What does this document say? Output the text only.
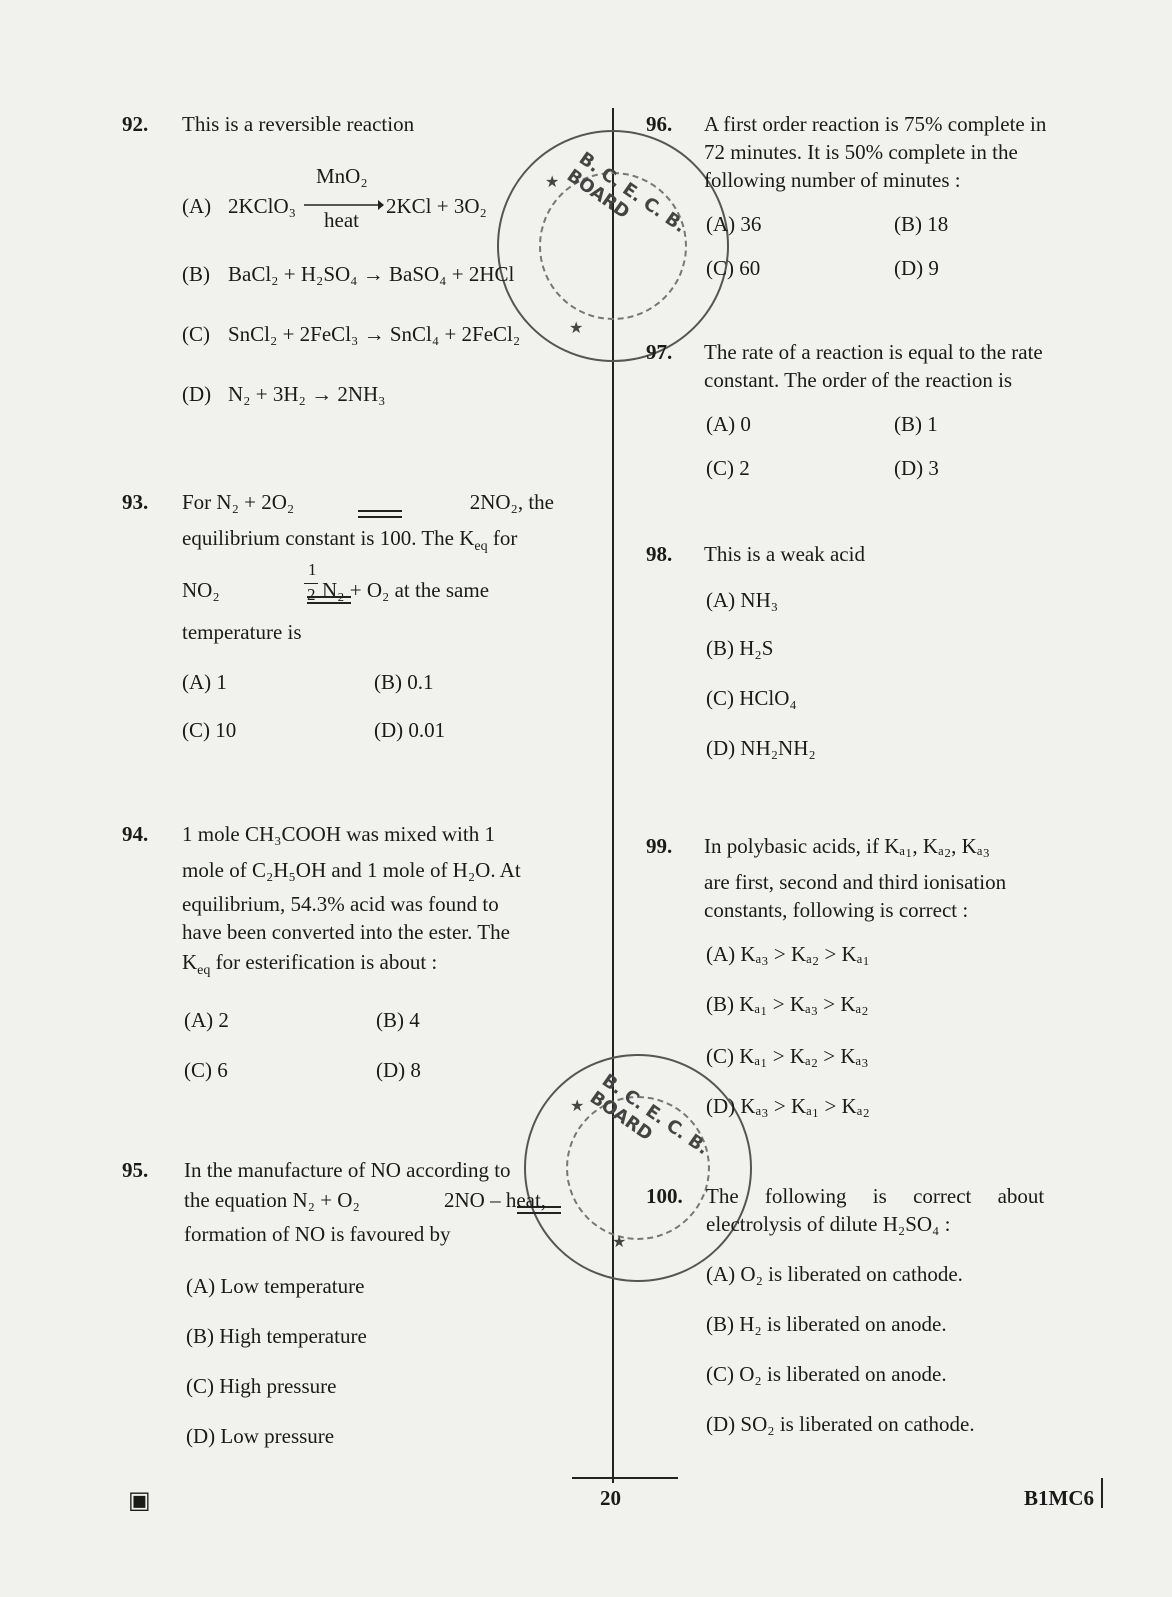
B. C. E. C. B. BOARD
★
★
B. C. E. C. B. BOARD
★
★
92. This is a reversible reaction
(A) 2KClO₃
MnO₂
heat
2KCl + 3O₂
(B) BaCl₂ + H₂SO₄ → BaSO₄ + 2HCl
(C) SnCl₂ + 2FeCl₃ → SnCl₄ + 2FeCl₂
(D) N₂ + 3H₂ → 2NH₃
93. For N₂ + 2O₂
	2NO₂, the
equilibrium constant is 100. The $K_{eq}$ for
NO₂

1
2 N₂ + O₂ at the same
temperature is
(A) 1	(B) 0.1
(C) 10	(D) 0.01
94. 1 mole CH₃COOH was mixed with 1
mole of C₂H₅OH and 1 mole of H₂O. At
equilibrium, 54.3% acid was found to
have been converted into the ester. The
$K_{eq}$ for esterification is about :
(A) 2	(B) 4
(C) 6	(D) 8
95. In the manufacture of NO according to
the equation N₂ + O₂	2NO – heat,
formation of NO is favoured by
(A) Low temperature
(B) High temperature
(C) High pressure
(D) Low pressure
96. A first order reaction is 75% complete in
72 minutes. It is 50% complete in the
following number of minutes :
(A) 36	(B) 18
(C) 60	(D) 9
97. The rate of a reaction is equal to the rate
constant. The order of the reaction is
(A) 0	(B) 1
(C) 2	(D) 3
98. This is a weak acid
(A) NH₃
(B) H₂S
(C) HClO₄
(D) NH₂NH₂
99. In polybasic acids, if Kₐ₁, Kₐ₂, Kₐ₃
are first, second and third ionisation
constants, following is correct :
(A) Kₐ₃ > Kₐ₂ > Kₐ₁
(B) Kₐ₁ > Kₐ₃ > Kₐ₂
(C) Kₐ₁ > Kₐ₂ > Kₐ₃
(D) Kₐ₃ > Kₐ₁ > Kₐ₂
100. The     following     is     correct     about
electrolysis of dilute H₂SO₄ :
(A) O₂ is liberated on cathode.
(B) H₂ is liberated on anode.
(C) O₂ is liberated on anode.
(D) SO₂ is liberated on cathode.
▣	20	B1MC6
